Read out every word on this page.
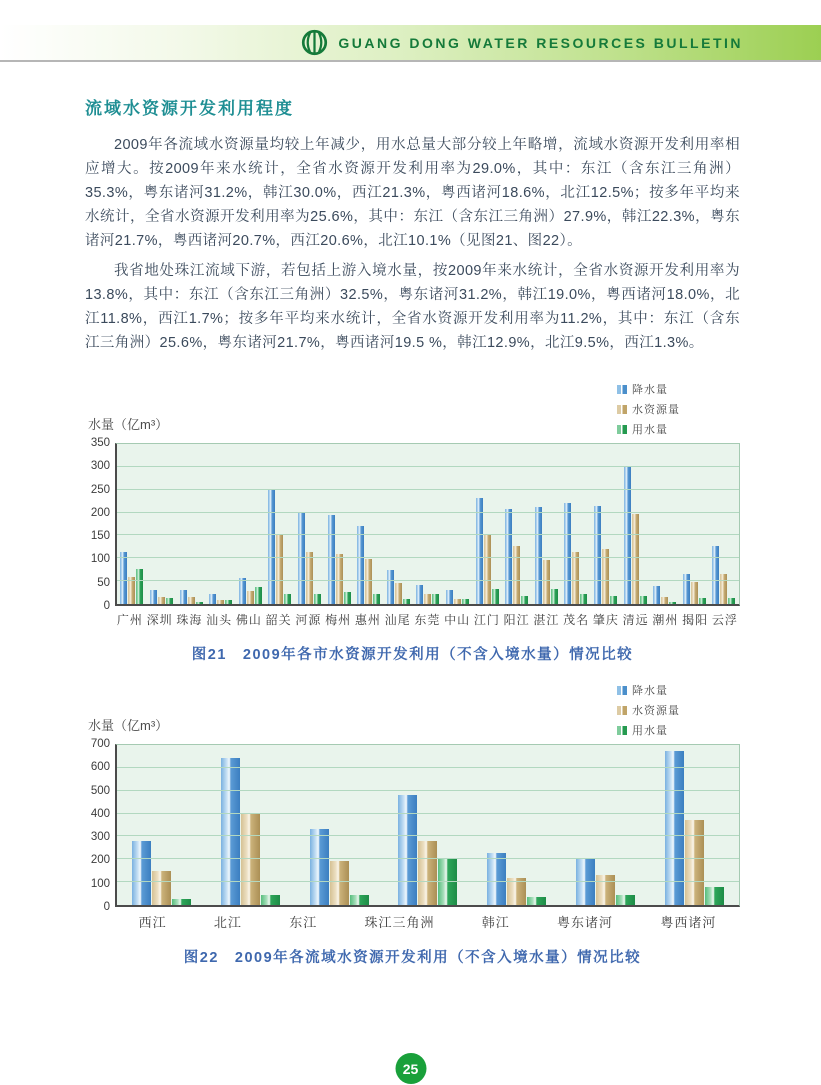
GUANG DONG WATER RESOURCES BULLETIN
流域水资源开发利用程度

2009年各流域水资源量均较上年减少，用水总量大部分较上年略增，流域水资源开发利用率相应增大。按2009年来水统计，全省水资源开发利用率为29.0%，其中：东江（含东江三角洲）35.3%，粤东诸河31.2%，韩江30.0%，西江21.3%，粤西诸河18.6%，北江12.5%；按多年平均来水统计，全省水资源开发利用率为25.6%，其中：东江（含东江三角洲）27.9%，韩江22.3%，粤东诸河21.7%，粤西诸河20.7%，西江20.6%，北江10.1%（见图21、图22）。

我省地处珠江流域下游，若包括上游入境水量，按2009年来水统计，全省水资源开发利用率为13.8%，其中：东江（含东江三角洲）32.5%，粤东诸河31.2%，韩江19.0%，粤西诸河18.0%，北江11.8%，西江1.7%；按多年平均来水统计，全省水资源开发利用率为11.2%，其中：东江（含东江三角洲）25.6%，粤东诸河21.7%，粤西诸河19.5 %，韩江12.9%，北江9.5%，西江1.3%。

水量（亿m³）
降水量
水资源量
用水量
0
50
100
150
200
250
300
350
广州 深圳 珠海 汕头 佛山 韶关 河源 梅州 惠州 汕尾 东莞 中山 江门 阳江 湛江 茂名 肇庆 清远 潮州 揭阳 云浮
图21　2009年各市水资源开发利用（不含入境水量）情况比较
水量（亿m³）
降水量
水资源量
用水量
0
100
200
300
400
500
600
700
西江	北江	东江	珠江三角洲	韩江	粤东诸河	粤西诸河
图22　2009年各流域水资源开发利用（不含入境水量）情况比较
25
